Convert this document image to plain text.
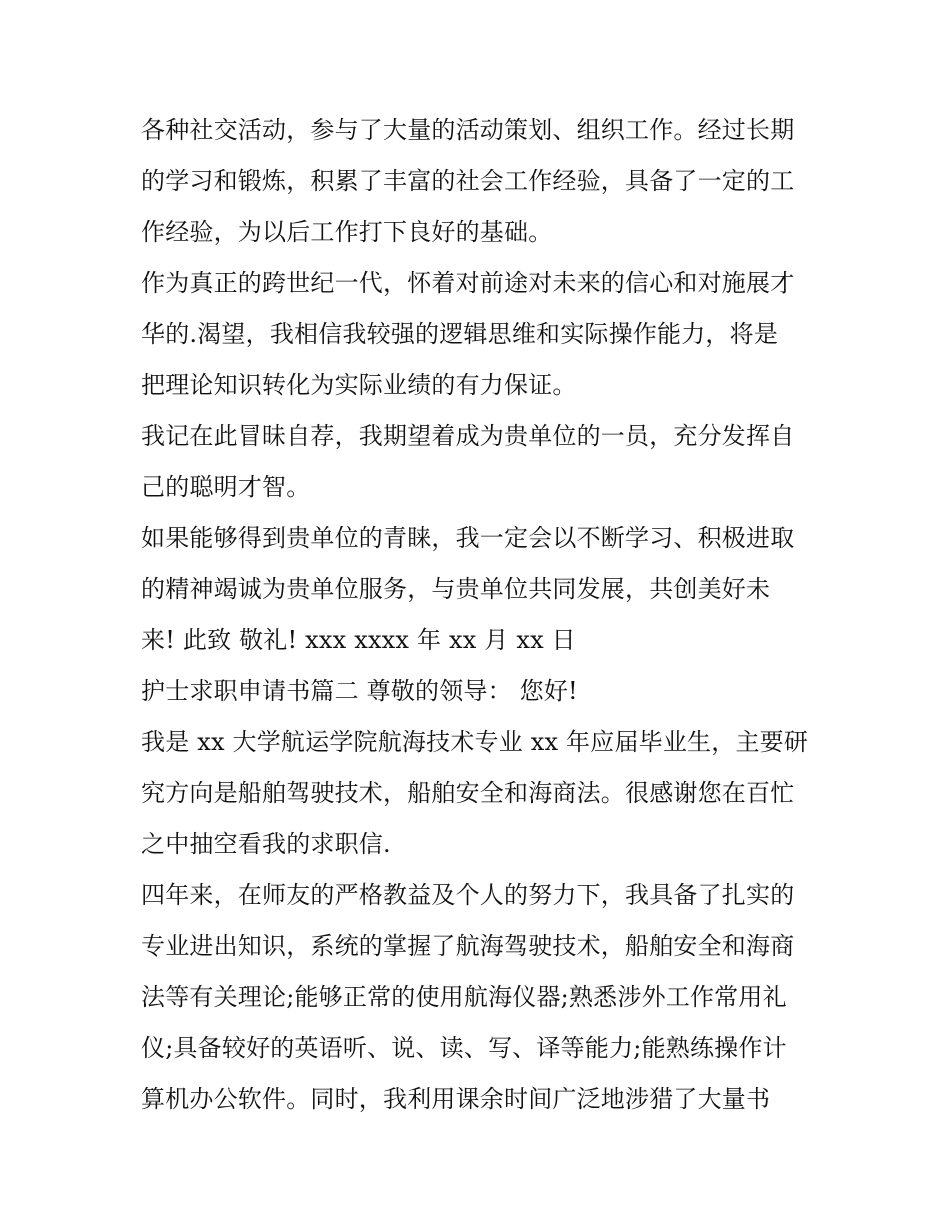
各种社交活动，参与了大量的活动策划、组织工作。经过长期
的学习和锻炼，积累了丰富的社会工作经验，具备了一定的工
作经验，为以后工作打下良好的基础。
作为真正的跨世纪一代，怀着对前途对未来的信心和对施展才
华的.渴望，我相信我较强的逻辑思维和实际操作能力，将是
把理论知识转化为实际业绩的有力保证。
我记在此冒昧自荐，我期望着成为贵单位的一员，充分发挥自
己的聪明才智。
如果能够得到贵单位的青睐，我一定会以不断学习、积极进取
的精神竭诚为贵单位服务，与贵单位共同发展，共创美好未
来! 此致 敬礼! xxx xxxx 年 xx 月 xx 日
护士求职申请书篇二 尊敬的领导： 您好!
我是 xx 大学航运学院航海技术专业 xx 年应届毕业生，主要研
究方向是船舶驾驶技术，船舶安全和海商法。很感谢您在百忙
之中抽空看我的求职信.
四年来，在师友的严格教益及个人的努力下，我具备了扎实的
专业进出知识，系统的掌握了航海驾驶技术，船舶安全和海商
法等有关理论;能够正常的使用航海仪器;熟悉涉外工作常用礼
仪;具备较好的英语听、说、读、写、译等能力;能熟练操作计
算机办公软件。同时，我利用课余时间广泛地涉猎了大量书
